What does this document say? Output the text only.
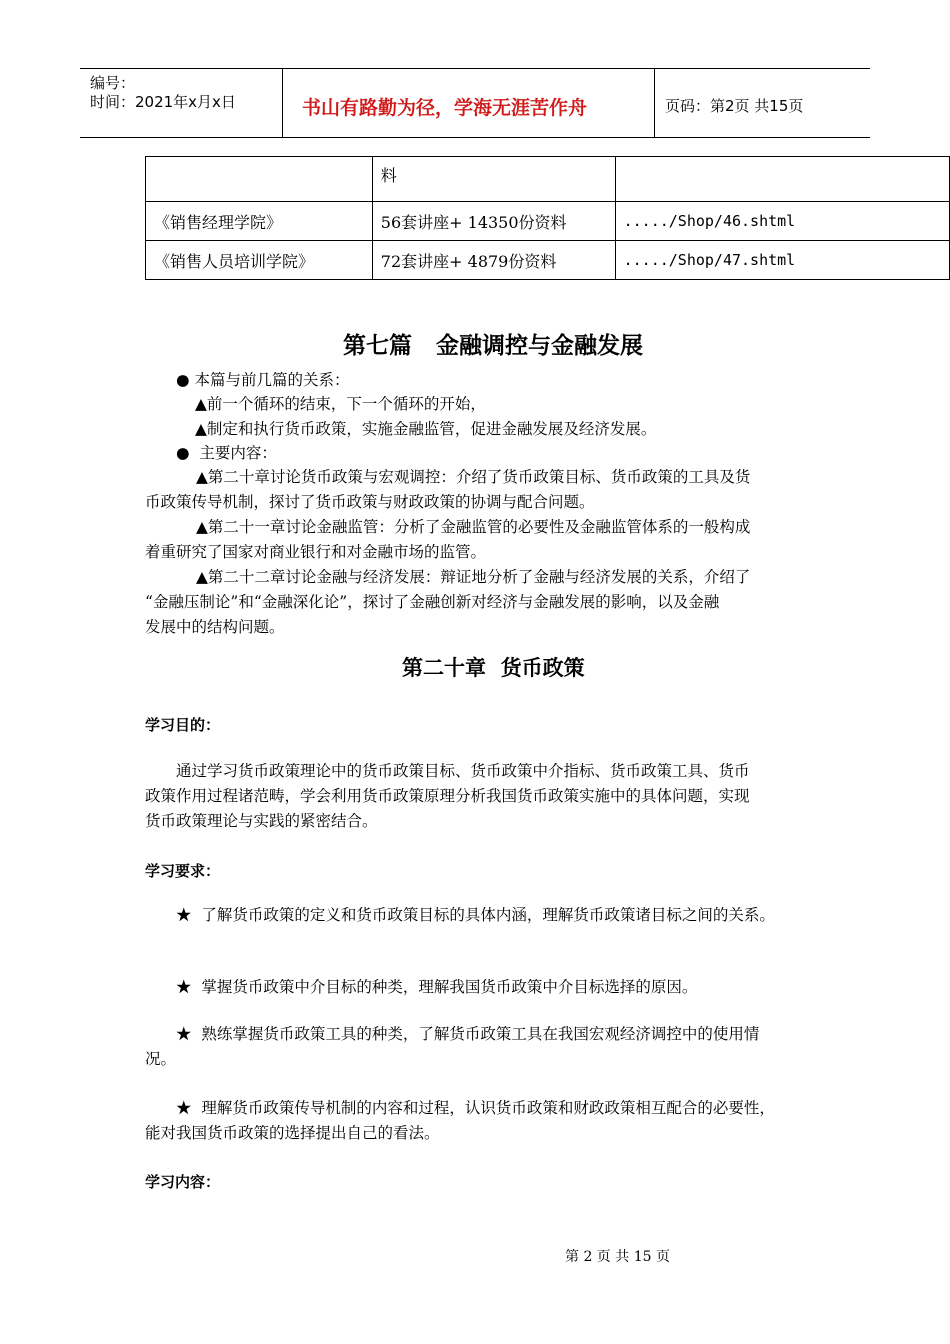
编号：
时间：2021年x月x日	书山有路勤为径，学海无涯苦作舟	页码：第2页 共15页
	料	
《销售经理学院》	56套讲座+ 14350份资料	...../Shop/46.shtml
《销售人员培训学院》	72套讲座+ 4879份资料	...../Shop/47.shtml
第七篇   金融调控与金融发展
● 本篇与前几篇的关系：
▲前一个循环的结束，下一个循环的开始，
▲制定和执行货币政策，实施金融监管，促进金融发展及经济发展。
●  主要内容：
▲第二十章讨论货币政策与宏观调控：介绍了货币政策目标、货币政策的工具及货
币政策传导机制，探讨了货币政策与财政政策的协调与配合问题。
▲第二十一章讨论金融监管：分析了金融监管的必要性及金融监管体系的一般构成
着重研究了国家对商业银行和对金融市场的监管。
▲第二十二章讨论金融与经济发展：辩证地分析了金融与经济发展的关系，介绍了
“金融压制论”和“金融深化论”，探讨了金融创新对经济与金融发展的影响，以及金融
发展中的结构问题。
第二十章  货币政策
学习目的：
通过学习货币政策理论中的货币政策目标、货币政策中介指标、货币政策工具、货币
政策作用过程诸范畴，学会利用货币政策原理分析我国货币政策实施中的具体问题，实现
货币政策理论与实践的紧密结合。
学习要求：
★  了解货币政策的定义和货币政策目标的具体内涵，理解货币政策诸目标之间的关系。
★  掌握货币政策中介目标的种类，理解我国货币政策中介目标选择的原因。
★  熟练掌握货币政策工具的种类，了解货币政策工具在我国宏观经济调控中的使用情
况。
★  理解货币政策传导机制的内容和过程，认识货币政策和财政政策相互配合的必要性，
能对我国货币政策的选择提出自己的看法。
学习内容：
第 2 页 共 15 页
